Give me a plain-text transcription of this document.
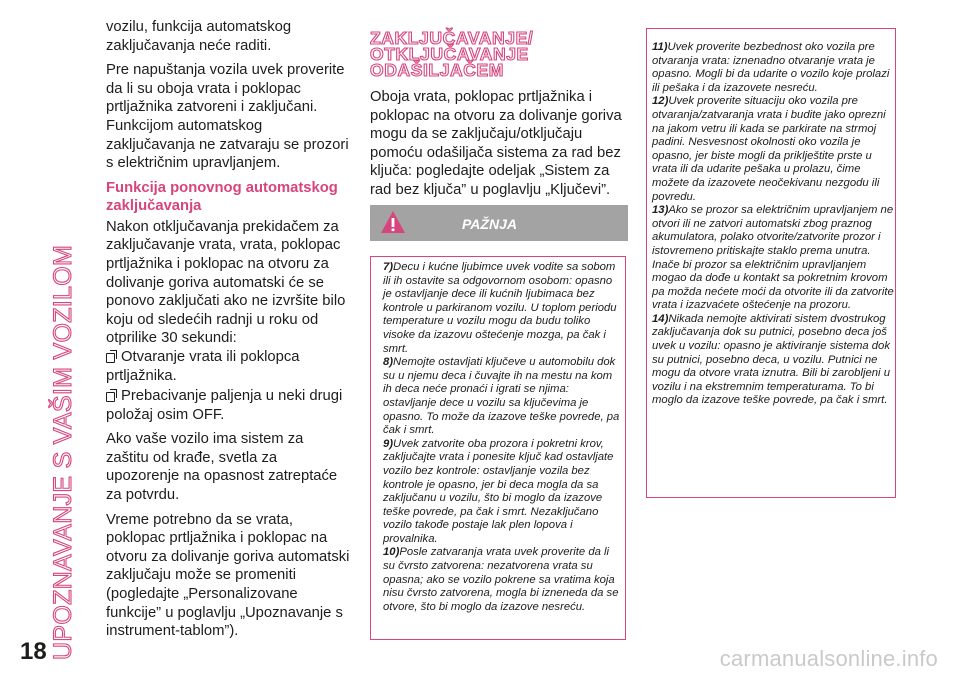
UPOZNAVANJE S VAŠIM VOZILOM
18

vozilu, funkcija automatskog zaključavanja neće raditi.

Pre napuštanja vozila uvek proverite da li su oboja vrata i poklopac prtljažnika zatvoreni i zaključani. Funkcijom automatskog zaključavanja ne zatvaraju se prozori s električnim upravljanjem.

Funkcija ponovnog automatskog zaključavanja

Nakon otključavanja prekidačem za zaključavanje vrata, vrata, poklopac prtljažnika i poklopac na otvoru za dolivanje goriva automatski će se ponovo zaključati ako ne izvršite bilo koju od sledećih radnji u roku od otprilike 30 sekundi:

Otvaranje vrata ili poklopca prtljažnika.
Prebacivanje paljenja u neki drugi položaj osim OFF.

Ako vaše vozilo ima sistem za zaštitu od krađe, svetla za upozorenje na opasnost zatreptaće za potvrdu.

Vreme potrebno da se vrata, poklopac prtljažnika i poklopac na otvoru za dolivanje goriva automatski zaključaju može se promeniti (pogledajte „Personalizovane funkcije” u poglavlju „Upoznavanje s instrument-tablom”).

ZAKLJUČAVANJE/
OTKLJUČAVANJE
ODAŠILJAČEM

Oboja vrata, poklopac prtljažnika i poklopac na otvoru za dolivanje goriva mogu da se zaključaju/otključaju pomoću odašiljača sistema za rad bez ključa: pogledajte odeljak „Sistem za rad bez ključa” u poglavlju „Ključevi”.

PAŽNJA
7)Decu i kućne ljubimce uvek vodite sa sobom ili ih ostavite sa odgovornom osobom: opasno je ostavljanje dece ili kućnih ljubimaca bez kontrole u parkiranom vozilu. U toplom periodu temperature u vozilu mogu da budu toliko visoke da izazovu oštećenje mozga, pa čak i smrt.
8)Nemojte ostavljati ključeve u automobilu dok su u njemu deca i čuvajte ih na mestu na kom ih deca neće pronaći i igrati se njima: ostavljanje dece u vozilu sa ključevima je opasno. To može da izazove teške povrede, pa čak i smrt.
9)Uvek zatvorite oba prozora i pokretni krov, zaključajte vrata i ponesite ključ kad ostavljate vozilo bez kontrole: ostavljanje vozila bez kontrole je opasno, jer bi deca mogla da sa zaključanu u vozilu, što bi moglo da izazove teške povrede, pa čak i smrt. Nezaključano vozilo takođe postaje lak plen lopova i provalnika.
10)Posle zatvaranja vrata uvek proverite da li su čvrsto zatvorena: nezatvorena vrata su opasna; ako se vozilo pokrene sa vratima koja nisu čvrsto zatvorena, mogla bi izneneda da se otvore, što bi moglo da izazove nesreću.
11)Uvek proverite bezbednost oko vozila pre otvaranja vrata: iznenadno otvaranje vrata je opasno. Mogli bi da udarite o vozilo koje prolazi ili pešaka i da izazovete nesreću.
12)Uvek proverite situaciju oko vozila pre otvaranja/zatvaranja vrata i budite jako oprezni na jakom vetru ili kada se parkirate na strmoj padini. Nesvesnost okolnosti oko vozila je opasno, jer biste mogli da priklještite prste u vrata ili da udarite pešaka u prolazu, čime možete da izazovete neočekivanu nezgodu ili povredu.
13)Ako se prozor sa električnim upravljanjem ne otvori ili ne zatvori automatski zbog praznog akumulatora, polako otvorite/zatvorite prozor i istovremeno pritiskajte staklo prema unutra. Inače bi prozor sa električnim upravljanjem mogao da dođe u kontakt sa pokretnim krovom pa možda nećete moći da otvorite ili da zatvorite vrata i izazvaćete oštećenje na prozoru.
14)Nikada nemojte aktivirati sistem dvostrukog zaključavanja dok su putnici, posebno deca još uvek u vozilu: opasno je aktiviranje sistema dok su putnici, posebno deca, u vozilu. Putnici ne mogu da otvore vrata iznutra. Bili bi zarobljeni u vozilu i na ekstremnim temperaturama. To bi moglo da izazove teške povrede, pa čak i smrt.
carmanualsonline.info
